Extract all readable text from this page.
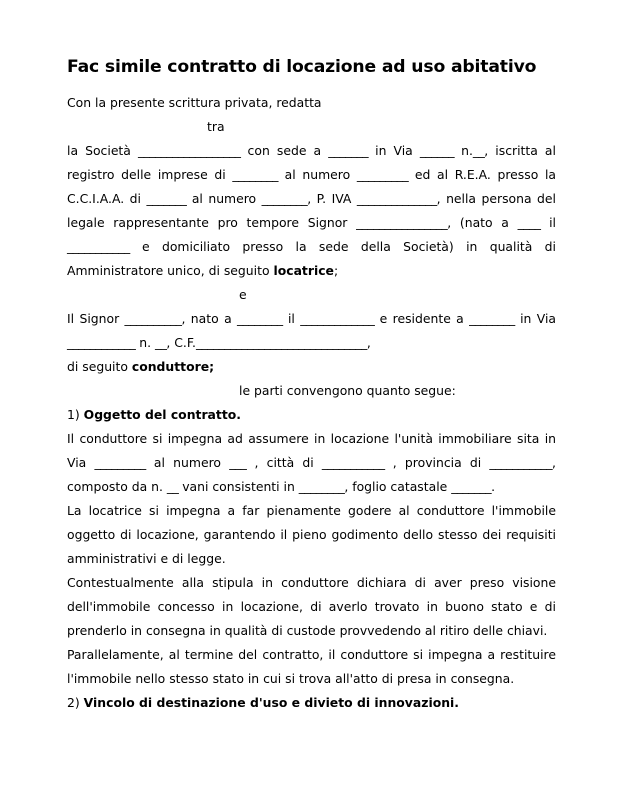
Fac simile contratto di locazione ad uso abitativo

Con la presente scrittura privata, redatta

tra

la Società __________________ con sede a _______ in Via ______ n.__, iscritta al registro delle imprese di ________ al numero _________ ed al R.E.A. presso la C.C.I.A.A. di _______ al numero ________, P. IVA ______________, nella persona del legale rappresentante pro tempore Signor ________________, (nato a ____ il ___________ e domiciliato presso la sede della Società) in qualità di Amministratore unico, di seguito locatrice;

e

Il Signor __________, nato a ________ il _____________ e residente a ________ in Via ____________ n. __, C.F.______________________________,

di seguito conduttore;

le parti convengono quanto segue:

1) Oggetto del contratto.

Il conduttore si impegna ad assumere in locazione l'unità immobiliare sita in Via _________ al numero ___ , città di ___________ , provincia di ___________, composto da n. __ vani consistenti in ________, foglio catastale _______.

La locatrice si impegna a far pienamente godere al conduttore l'immobile oggetto di locazione, garantendo il pieno godimento dello stesso dei requisiti amministrativi e di legge.

Contestualmente alla stipula in conduttore dichiara di aver preso visione dell'immobile concesso in locazione, di averlo trovato in buono stato e di prenderlo in consegna in qualità di custode provvedendo al ritiro delle chiavi.

Parallelamente, al termine del contratto, il conduttore si impegna a restituire l'immobile nello stesso stato in cui si trova all'atto di presa in consegna.

2) Vincolo di destinazione d'uso e divieto di innovazioni.
